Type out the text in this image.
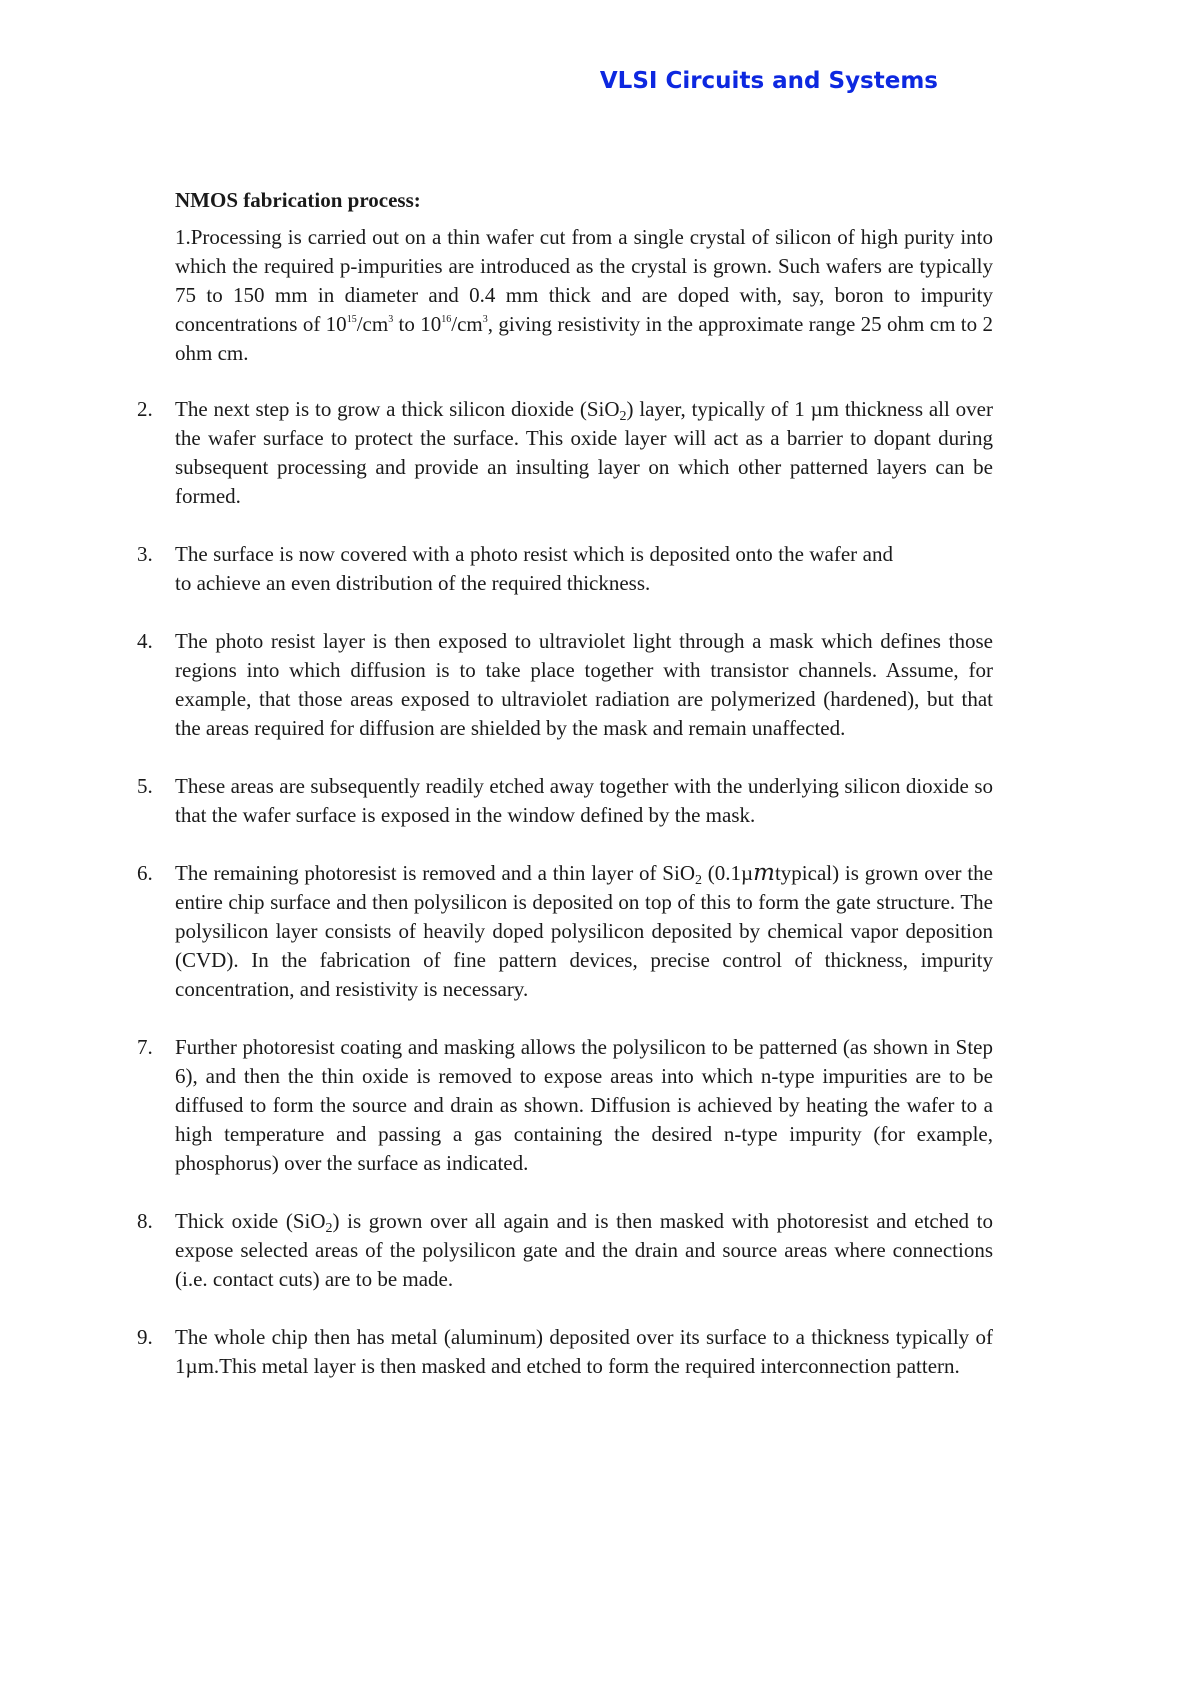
VLSI Circuits and Systems
NMOS fabrication process:

1.Processing is carried out on a thin wafer cut from a single crystal of silicon of high purity into which the required p-impurities are introduced as the crystal is grown. Such wafers are typically 75 to 150 mm in diameter and 0.4 mm thick and are doped with, say, boron to impurity concentrations of $10^{15}/cm^3$ to $10^{16}/cm^3$, giving resistivity in the approximate range 25 ohm cm to 2 ohm cm.

2. The next step is to grow a thick silicon dioxide (SiO$_2$) layer, typically of 1 µm thickness all over the wafer surface to protect the surface. This oxide layer will act as a barrier to dopant during subsequent processing and provide an insulting layer on which other patterned layers can be formed.
3. The surface is now covered with a photo resist which is deposited onto the wafer andto achieve an even distribution of the required thickness.
4. The photo resist layer is then exposed to ultraviolet light through a mask which defines those regions into which diffusion is to take place together with transistor channels. Assume, for example, that those areas exposed to ultraviolet radiation are polymerized (hardened), but that the areas required for diffusion are shielded by the mask and remain unaffected.
5. These areas are subsequently readily etched away together with the underlying silicon dioxide so that the wafer surface is exposed in the window defined by the mask.
6. The remaining photoresist is removed and a thin layer of SiO$_2$ (0.1µmtypical) is grown over the entire chip surface and then polysilicon is deposited on top of this to form the gate structure. The polysilicon layer consists of heavily doped polysilicon deposited by chemical vapor deposition (CVD). In the fabrication of fine pattern devices, precise control of thickness, impurity concentration, and resistivity is necessary.
7. Further photoresist coating and masking allows the polysilicon to be patterned (as shown in Step 6), and then the thin oxide is removed to expose areas into which n-type impurities are to be diffused to form the source and drain as shown. Diffusion is achieved by heating the wafer to a high temperature and passing a gas containing the desired n-type impurity (for example, phosphorus) over the surface as indicated.
8. Thick oxide (SiO$_2$) is grown over all again and is then masked with photoresist and etched to expose selected areas of the polysilicon gate and the drain and source areas where connections (i.e. contact cuts) are to be made.
9. The whole chip then has metal (aluminum) deposited over its surface to a thickness typically of 1µm.This metal layer is then masked and etched to form the required interconnection pattern.
